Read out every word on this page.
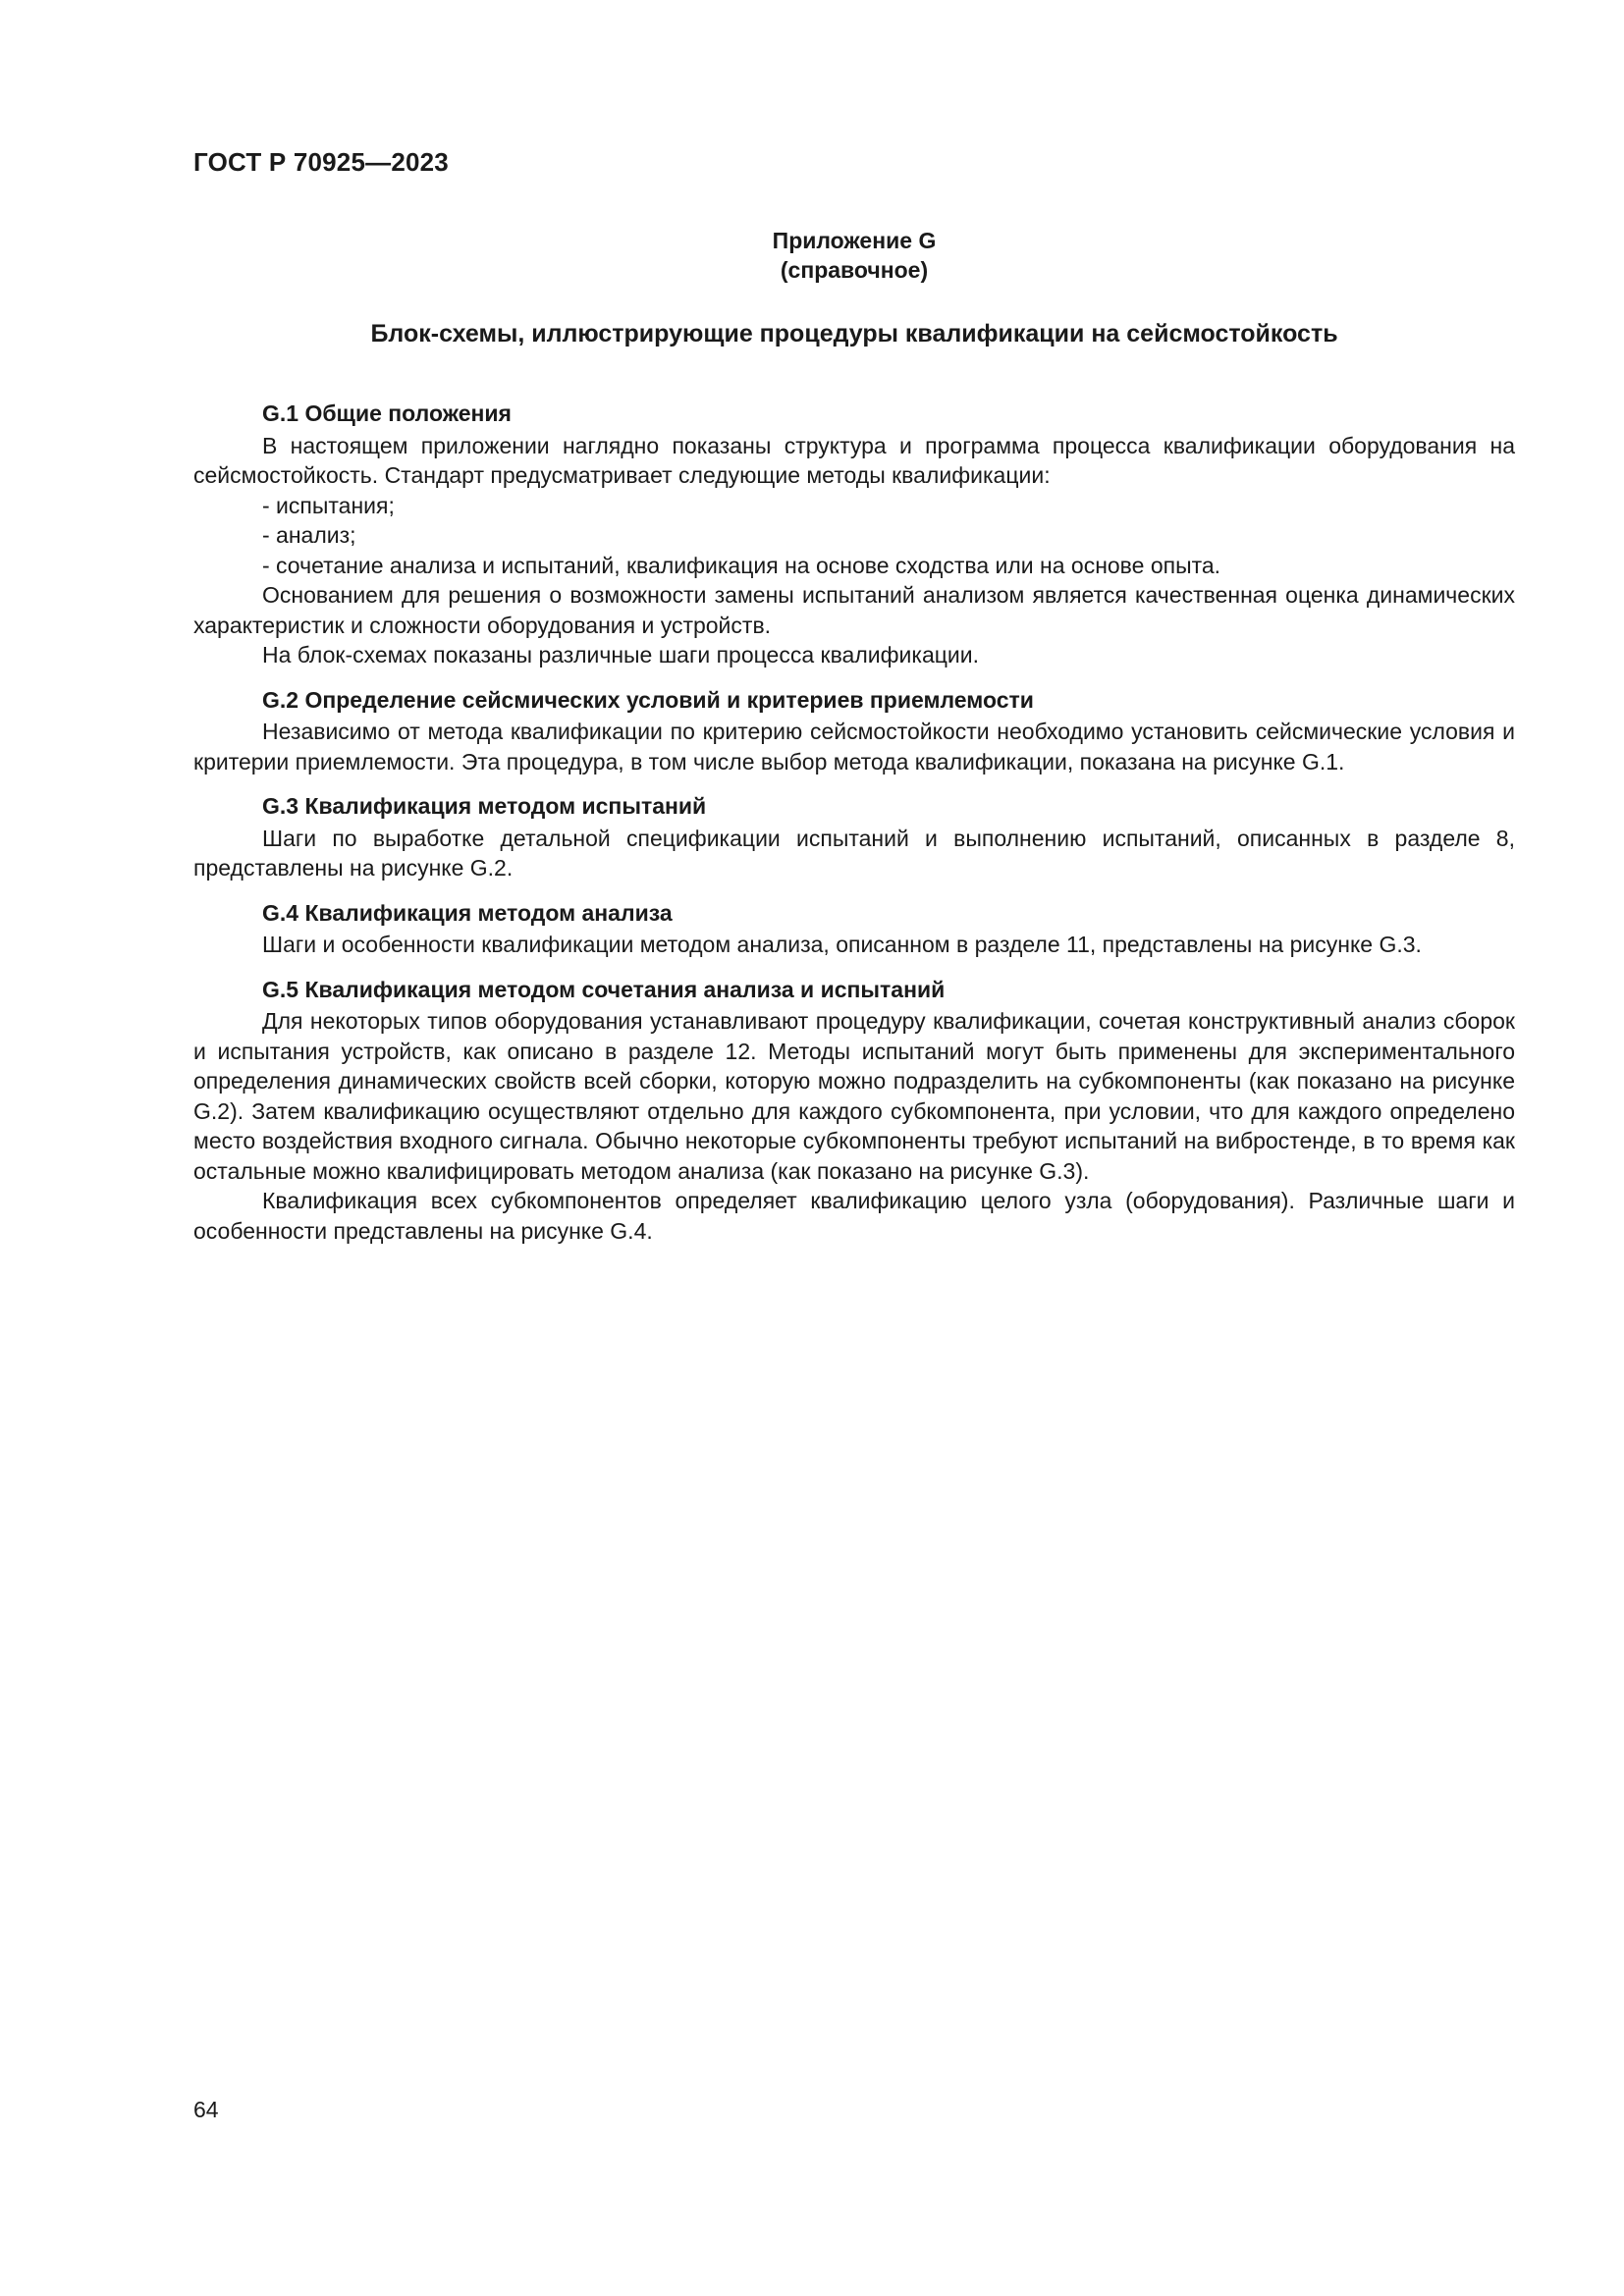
ГОСТ Р 70925—2023
Приложение G
(справочное)
Блок-схемы, иллюстрирующие процедуры квалификации на сейсмостойкость
G.1 Общие положения

В настоящем приложении наглядно показаны структура и программа процесса квалификации оборудования на сейсмостойкость. Стандарт предусматривает следующие методы квалификации:

- испытания;

- анализ;

- сочетание анализа и испытаний, квалификация на основе сходства или на основе опыта.

Основанием для решения о возможности замены испытаний анализом является качественная оценка динамических характеристик и сложности оборудования и устройств.

На блок-схемах показаны различные шаги процесса квалификации.

G.2 Определение сейсмических условий и критериев приемлемости

Независимо от метода квалификации по критерию сейсмостойкости необходимо установить сейсмические условия и критерии приемлемости. Эта процедура, в том числе выбор метода квалификации, показана на рисунке G.1.

G.3 Квалификация методом испытаний

Шаги по выработке детальной спецификации испытаний и выполнению испытаний, описанных в разделе 8, представлены на рисунке G.2.

G.4 Квалификация методом анализа

Шаги и особенности квалификации методом анализа, описанном в разделе 11, представлены на рисунке G.3.

G.5 Квалификация методом сочетания анализа и испытаний

Для некоторых типов оборудования устанавливают процедуру квалификации, сочетая конструктивный анализ сборок и испытания устройств, как описано в разделе 12. Методы испытаний могут быть применены для экспериментального определения динамических свойств всей сборки, которую можно подразделить на субкомпоненты (как показано на рисунке G.2). Затем квалификацию осуществляют отдельно для каждого субкомпонента, при условии, что для каждого определено место воздействия входного сигнала. Обычно некоторые субкомпоненты требуют испытаний на вибростенде, в то время как остальные можно квалифицировать методом анализа (как показано на рисунке G.3).

Квалификация всех субкомпонентов определяет квалификацию целого узла (оборудования). Различные шаги и особенности представлены на рисунке G.4.

64
